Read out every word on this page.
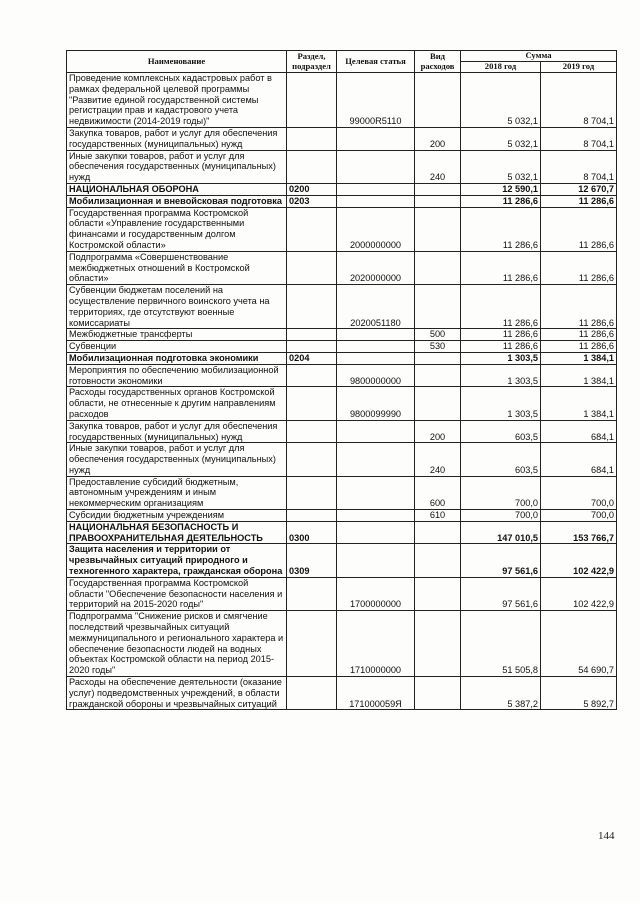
Наименование	Раздел, подраздел	Целевая статья	Вид расходов	Сумма	
				2018 год	2019 год
Проведение комплексных кадастровых работ в рамках федеральной целевой программы "Развитие единой государственной системы регистрации прав и кадастрового учета недвижимости (2014-2019 годы)"		99000R5110		5 032,1	8 704,1
Закупка товаров, работ и услуг для обеспечения государственных (муниципальных) нужд			200	5 032,1	8 704,1
Иные закупки товаров, работ и услуг для обеспечения государственных (муниципальных) нужд			240	5 032,1	8 704,1
НАЦИОНАЛЬНАЯ ОБОРОНА	0200			12 590,1	12 670,7
Мобилизационная и вневойсковая подготовка	0203			11 286,6	11 286,6
Государственная программа Костромской области «Управление государственными финансами и государственным долгом Костромской области»		2000000000		11 286,6	11 286,6
Подпрограмма «Совершенствование межбюджетных отношений в Костромской области»		2020000000		11 286,6	11 286,6
Субвенции бюджетам поселений на осуществление первичного воинского учета на территориях, где отсутствуют военные комиссариаты		2020051180		11 286,6	11 286,6
Межбюджетные трансферты			500	11 286,6	11 286,6
Субвенции			530	11 286,6	11 286,6
Мобилизационная подготовка экономики	0204			1 303,5	1 384,1
Мероприятия по обеспечению мобилизационной готовности экономики		9800000000		1 303,5	1 384,1
Расходы государственных органов Костромской области, не отнесенные к другим направлениям расходов		9800099990		1 303,5	1 384,1
Закупка товаров, работ и услуг для обеспечения государственных (муниципальных) нужд			200	603,5	684,1
Иные закупки товаров, работ и услуг для обеспечения государственных (муниципальных) нужд			240	603,5	684,1
Предоставление субсидий бюджетным, автономным учреждениям и иным некоммерческим организациям			600	700,0	700,0
Субсидии бюджетным учреждениям			610	700,0	700,0
НАЦИОНАЛЬНАЯ БЕЗОПАСНОСТЬ И ПРАВООХРАНИТЕЛЬНАЯ ДЕЯТЕЛЬНОСТЬ	0300			147 010,5	153 766,7
Защита населения и территории от чрезвычайных ситуаций природного и техногенного характера, гражданская оборона	0309			97 561,6	102 422,9
Государственная программа Костромской области "Обеспечение безопасности населения и территорий на 2015-2020 годы"		1700000000		97 561,6	102 422,9
Подпрограмма "Снижение рисков и смягчение последствий чрезвычайных ситуаций межмуниципального и регионального характера и обеспечение безопасности людей на водных объектах Костромской области на период 2015-2020 годы"		1710000000		51 505,8	54 690,7
Расходы на обеспечение деятельности (оказание услуг) подведомственных учреждений, в области гражданской обороны и чрезвычайных ситуаций		171000059Я		5 387,2	5 892,7
144
